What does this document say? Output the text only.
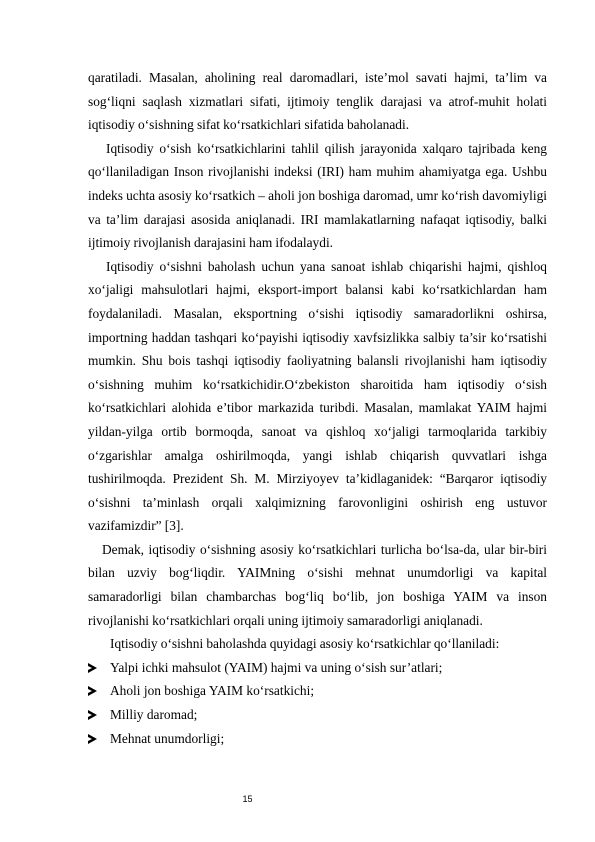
qaratiladi. Masalan, aholining real daromadlari, iste’mol savati hajmi, ta’lim va sog‘liqni saqlash xizmatlari sifati, ijtimoiy tenglik darajasi va atrof-muhit holati iqtisodiy o‘sishning sifat ko‘rsatkichlari sifatida baholanadi.

Iqtisodiy o‘sish ko‘rsatkichlarini tahlil qilish jarayonida xalqaro tajribada keng qo‘llaniladigan Inson rivojlanishi indeksi (IRI) ham muhim ahamiyatga ega. Ushbu indeks uchta asosiy ko‘rsatkich – aholi jon boshiga daromad, umr ko‘rish davomiyligi va ta’lim darajasi asosida aniqlanadi. IRI mamlakatlarning nafaqat iqtisodiy, balki ijtimoiy rivojlanish darajasini ham ifodalaydi.

Iqtisodiy o‘sishni baholash uchun yana sanoat ishlab chiqarishi hajmi, qishloq xo‘jaligi mahsulotlari hajmi, eksport-import balansi kabi ko‘rsatkichlardan ham foydalaniladi. Masalan, eksportning o‘sishi iqtisodiy samaradorlikni oshirsa, importning haddan tashqari ko‘payishi iqtisodiy xavfsizlikka salbiy ta’sir ko‘rsatishi mumkin. Shu bois tashqi iqtisodiy faoliyatning balansli rivojlanishi ham iqtisodiy o‘sishning muhim ko‘rsatkichidir.O‘zbekiston sharoitida ham iqtisodiy o‘sish ko‘rsatkichlari alohida e’tibor markazida turibdi. Masalan, mamlakat YAIM hajmi yildan-yilga ortib bormoqda, sanoat va qishloq xo‘jaligi tarmoqlarida tarkibiy o‘zgarishlar amalga oshirilmoqda, yangi ishlab chiqarish quvvatlari ishga tushirilmoqda. Prezident Sh. M. Mirziyoyev ta’kidlaganidek: “Barqaror iqtisodiy o‘sishni ta’minlash orqali xalqimizning farovonligini oshirish eng ustuvor vazifamizdir” [3].

Demak, iqtisodiy o‘sishning asosiy ko‘rsatkichlari turlicha bo‘lsa-da, ular bir-biri bilan uzviy bog‘liqdir. YAIMning o‘sishi mehnat unumdorligi va kapital samaradorligi bilan chambarchas bog‘liq bo‘lib, jon boshiga YAIM va inson rivojlanishi ko‘rsatkichlari orqali uning ijtimoiy samaradorligi aniqlanadi.

Iqtisodiy o‘sishni baholashda quyidagi asosiy ko‘rsatkichlar qo‘llaniladi:

Yalpi ichki mahsulot (YAIM) hajmi va uning o‘sish sur’atlari;
Aholi jon boshiga YAIM ko‘rsatkichi;
Milliy daromad;
Mehnat unumdorligi;
15
